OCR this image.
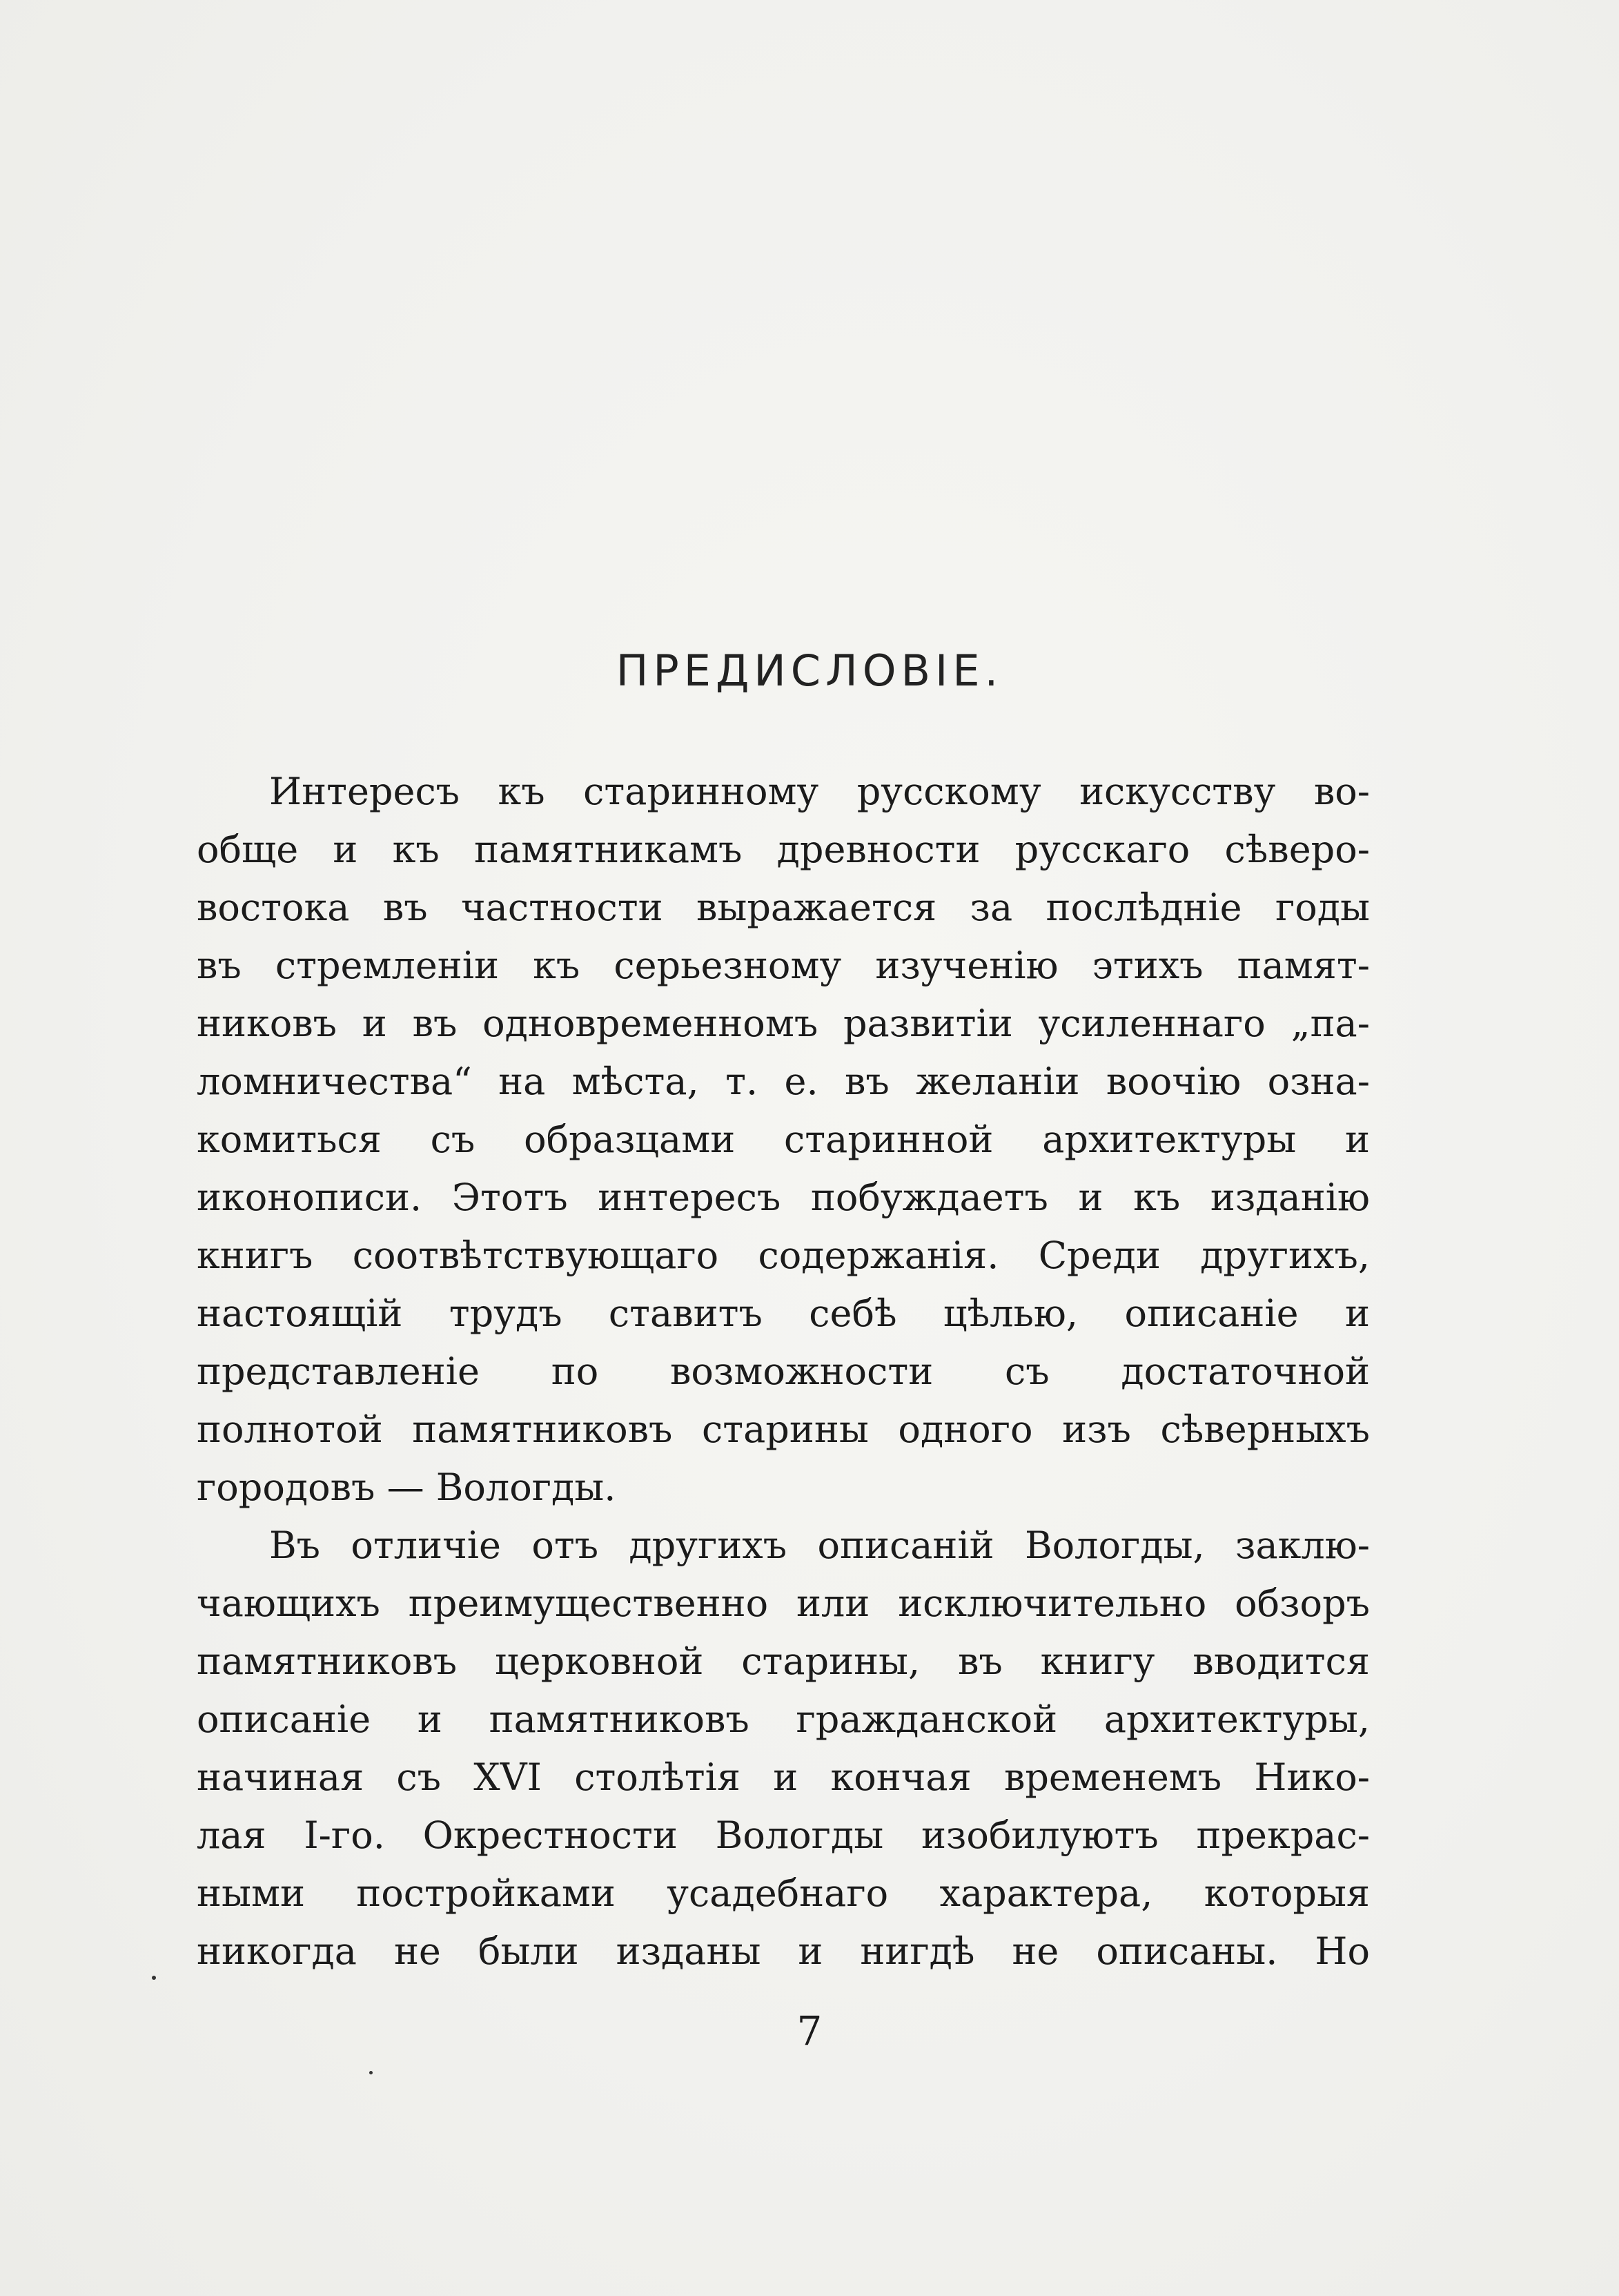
ПРЕДИСЛОВІЕ.
Интересъ къ старинному русскому искусству во-
обще и къ памятникамъ древности русскаго сѣверо-
востока въ частности выражается за послѣдніе годы
въ стремленіи къ серьезному изученію этихъ памят-
никовъ и въ одновременномъ развитіи усиленнаго „па-
ломничества“ на мѣста, т. е. въ желаніи воочію озна-
комиться съ образцами старинной архитектуры и
иконописи. Этотъ интересъ побуждаетъ и къ изданію
книгъ соотвѣтствующаго содержанія. Среди другихъ,
настоящій трудъ ставитъ себѣ цѣлью, описаніе и
представленіе по возможности съ достаточной
полнотой памятниковъ старины одного изъ сѣверныхъ
городовъ — Вологды.
Въ отличіе отъ другихъ описаній Вологды, заклю-
чающихъ преимущественно или исключительно обзоръ
памятниковъ церковной старины, въ книгу вводится
описаніе и памятниковъ гражданской архитектуры,
начиная съ XVI столѣтія и кончая временемъ Нико-
лая I-го. Окрестности Вологды изобилуютъ прекрас-
ными постройками усадебнаго характера, которыя
никогда не были изданы и нигдѣ не описаны. Но
7
